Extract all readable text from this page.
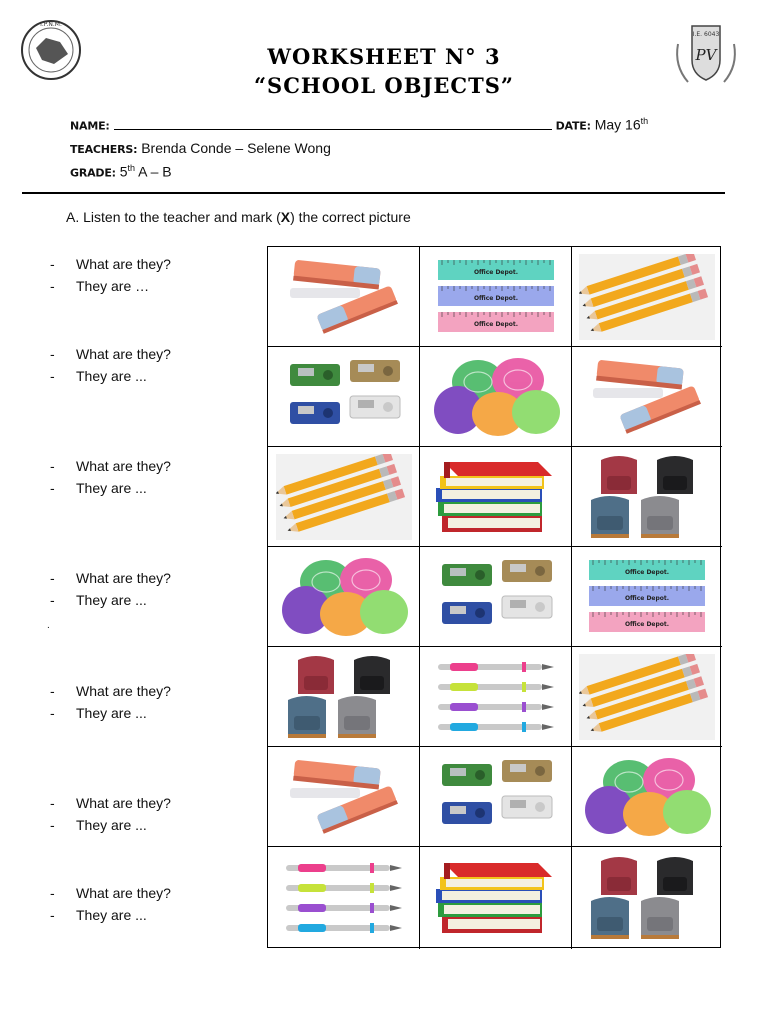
I.P.N.M.
I.E. 6043
PV
WORKSHEET N° 3
“SCHOOL OBJECTS”
NAME:	DATE: May 16th
TEACHERS: Brenda Conde – Selene Wong
GRADE: 5th A – B
A. Listen to the teacher and mark (X) the correct picture
- What are they?
- They are …
- What are they?
- They are ...
- What are they?
- They are ...
- What are they?
- They are ...
.
- What are they?
- They are ...
- What are they?
- They are ...
- What are they?
- They are ...
Office Depot.
Office Depot.
Office Depot.
Office Depot.
Office Depot.
Office Depot.
